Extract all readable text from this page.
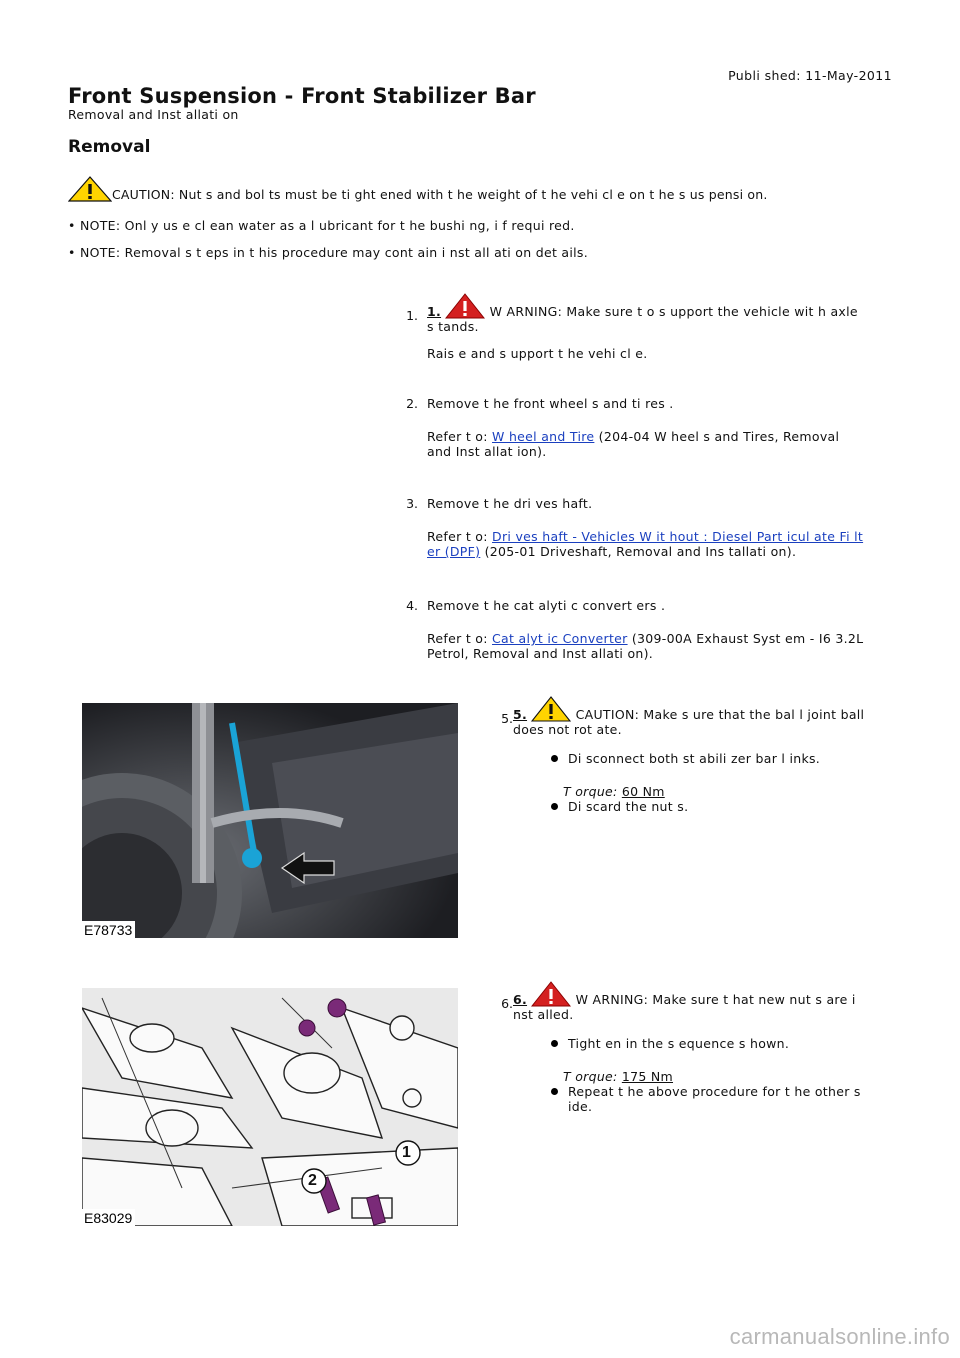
Publi shed: 11-May-2011
Front Suspension - Front Stabilizer Bar
Removal and Inst allati on
Removal
CAUTION: Nut s and bol ts must be ti ght ened with t he weight of t he vehi cl e on t he s us pensi on.
• NOTE: Onl y us e cl ean water as a l ubricant for t he bushi ng, i f requi red.
• NOTE: Removal s t eps in t his procedure may cont ain i nst all ati on det ails.
1. 1.	W ARNING: Make sure t o s upport the vehicle wit h axle s tands.

Rais e and s upport t he vehi cl e.

2. Remove t he front wheel s and ti res .

Refer t o: W heel and Tire (204-04 W heel s and Tires, Removal and Inst allat ion).

3. Remove t he dri ves haft.

Refer t o: Dri ves haft - Vehicles W it hout : Diesel Part icul ate Fi lt er (DPF) (205-01 Driveshaft, Removal and Ins tallati on).

4. Remove t he cat alyti c convert ers .

Refer t o: Cat alyt ic Converter (309-00A Exhaust Syst em - I6 3.2L Petrol, Removal and Inst allati on).

E78733
5. 5.	CAUTION: Make s ure that the bal l joint ball does not rot ate.

Di sconnect both st abili zer bar l inks.
T orque: 60 Nm
Di scard the nut s.
1
2
E83029
6. 6.	W ARNING: Make sure t hat new nut s are i nst alled.

Tight en in the s equence s hown.
T orque: 175 Nm
Repeat t he above procedure for t he other s ide.
carmanualsonline.info
